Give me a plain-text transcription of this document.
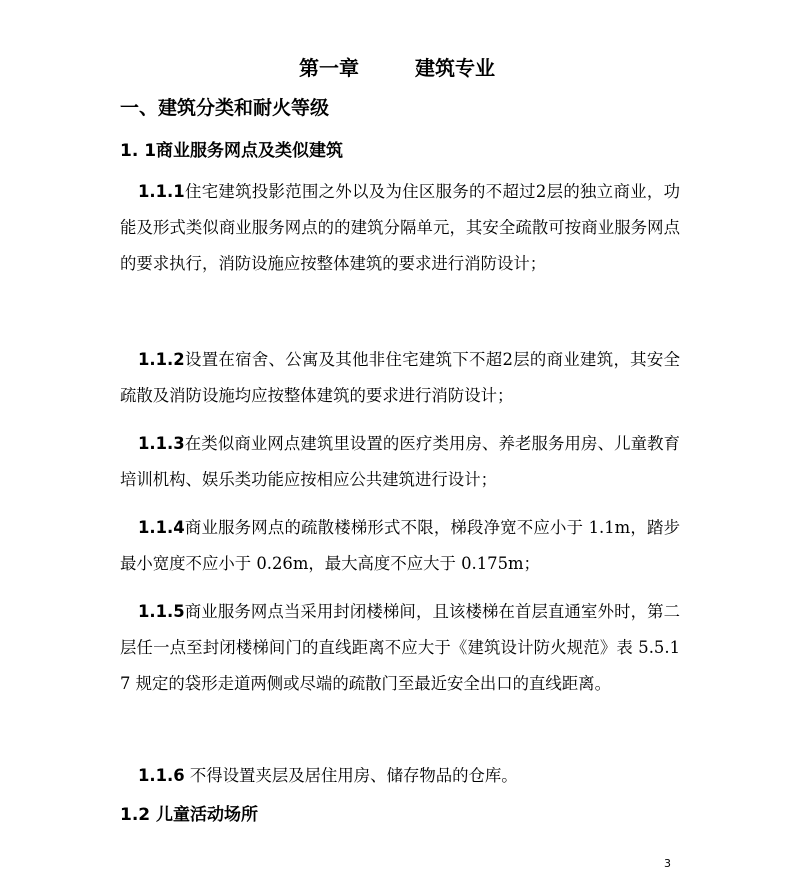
第一章	建筑专业
一、建筑分类和耐火等级
1. 1商业服务网点及类似建筑
1.1.1住宅建筑投影范围之外以及为住区服务的不超过2层的独立商业，功能及形式类似商业服务网点的的建筑分隔单元，其安全疏散可按商业服务网点的要求执行，消防设施应按整体建筑的要求进行消防设计；
1.1.2设置在宿舍、公寓及其他非住宅建筑下不超2层的商业建筑，其安全疏散及消防设施均应按整体建筑的要求进行消防设计；
1.1.3在类似商业网点建筑里设置的医疗类用房、养老服务用房、儿童教育培训机构、娱乐类功能应按相应公共建筑进行设计；
1.1.4商业服务网点的疏散楼梯形式不限，梯段净宽不应小于 1.1m，踏步最小宽度不应小于 0.26m，最大高度不应大于 0.175m；
1.1.5商业服务网点当采用封闭楼梯间，且该楼梯在首层直通室外时，第二层任一点至封闭楼梯间门的直线距离不应大于《建筑设计防火规范》表 5.5.17 规定的袋形走道两侧或尽端的疏散门至最近安全出口的直线距离。
1.1.6 不得设置夹层及居住用房、储存物品的仓库。
1.2 儿童活动场所
3
